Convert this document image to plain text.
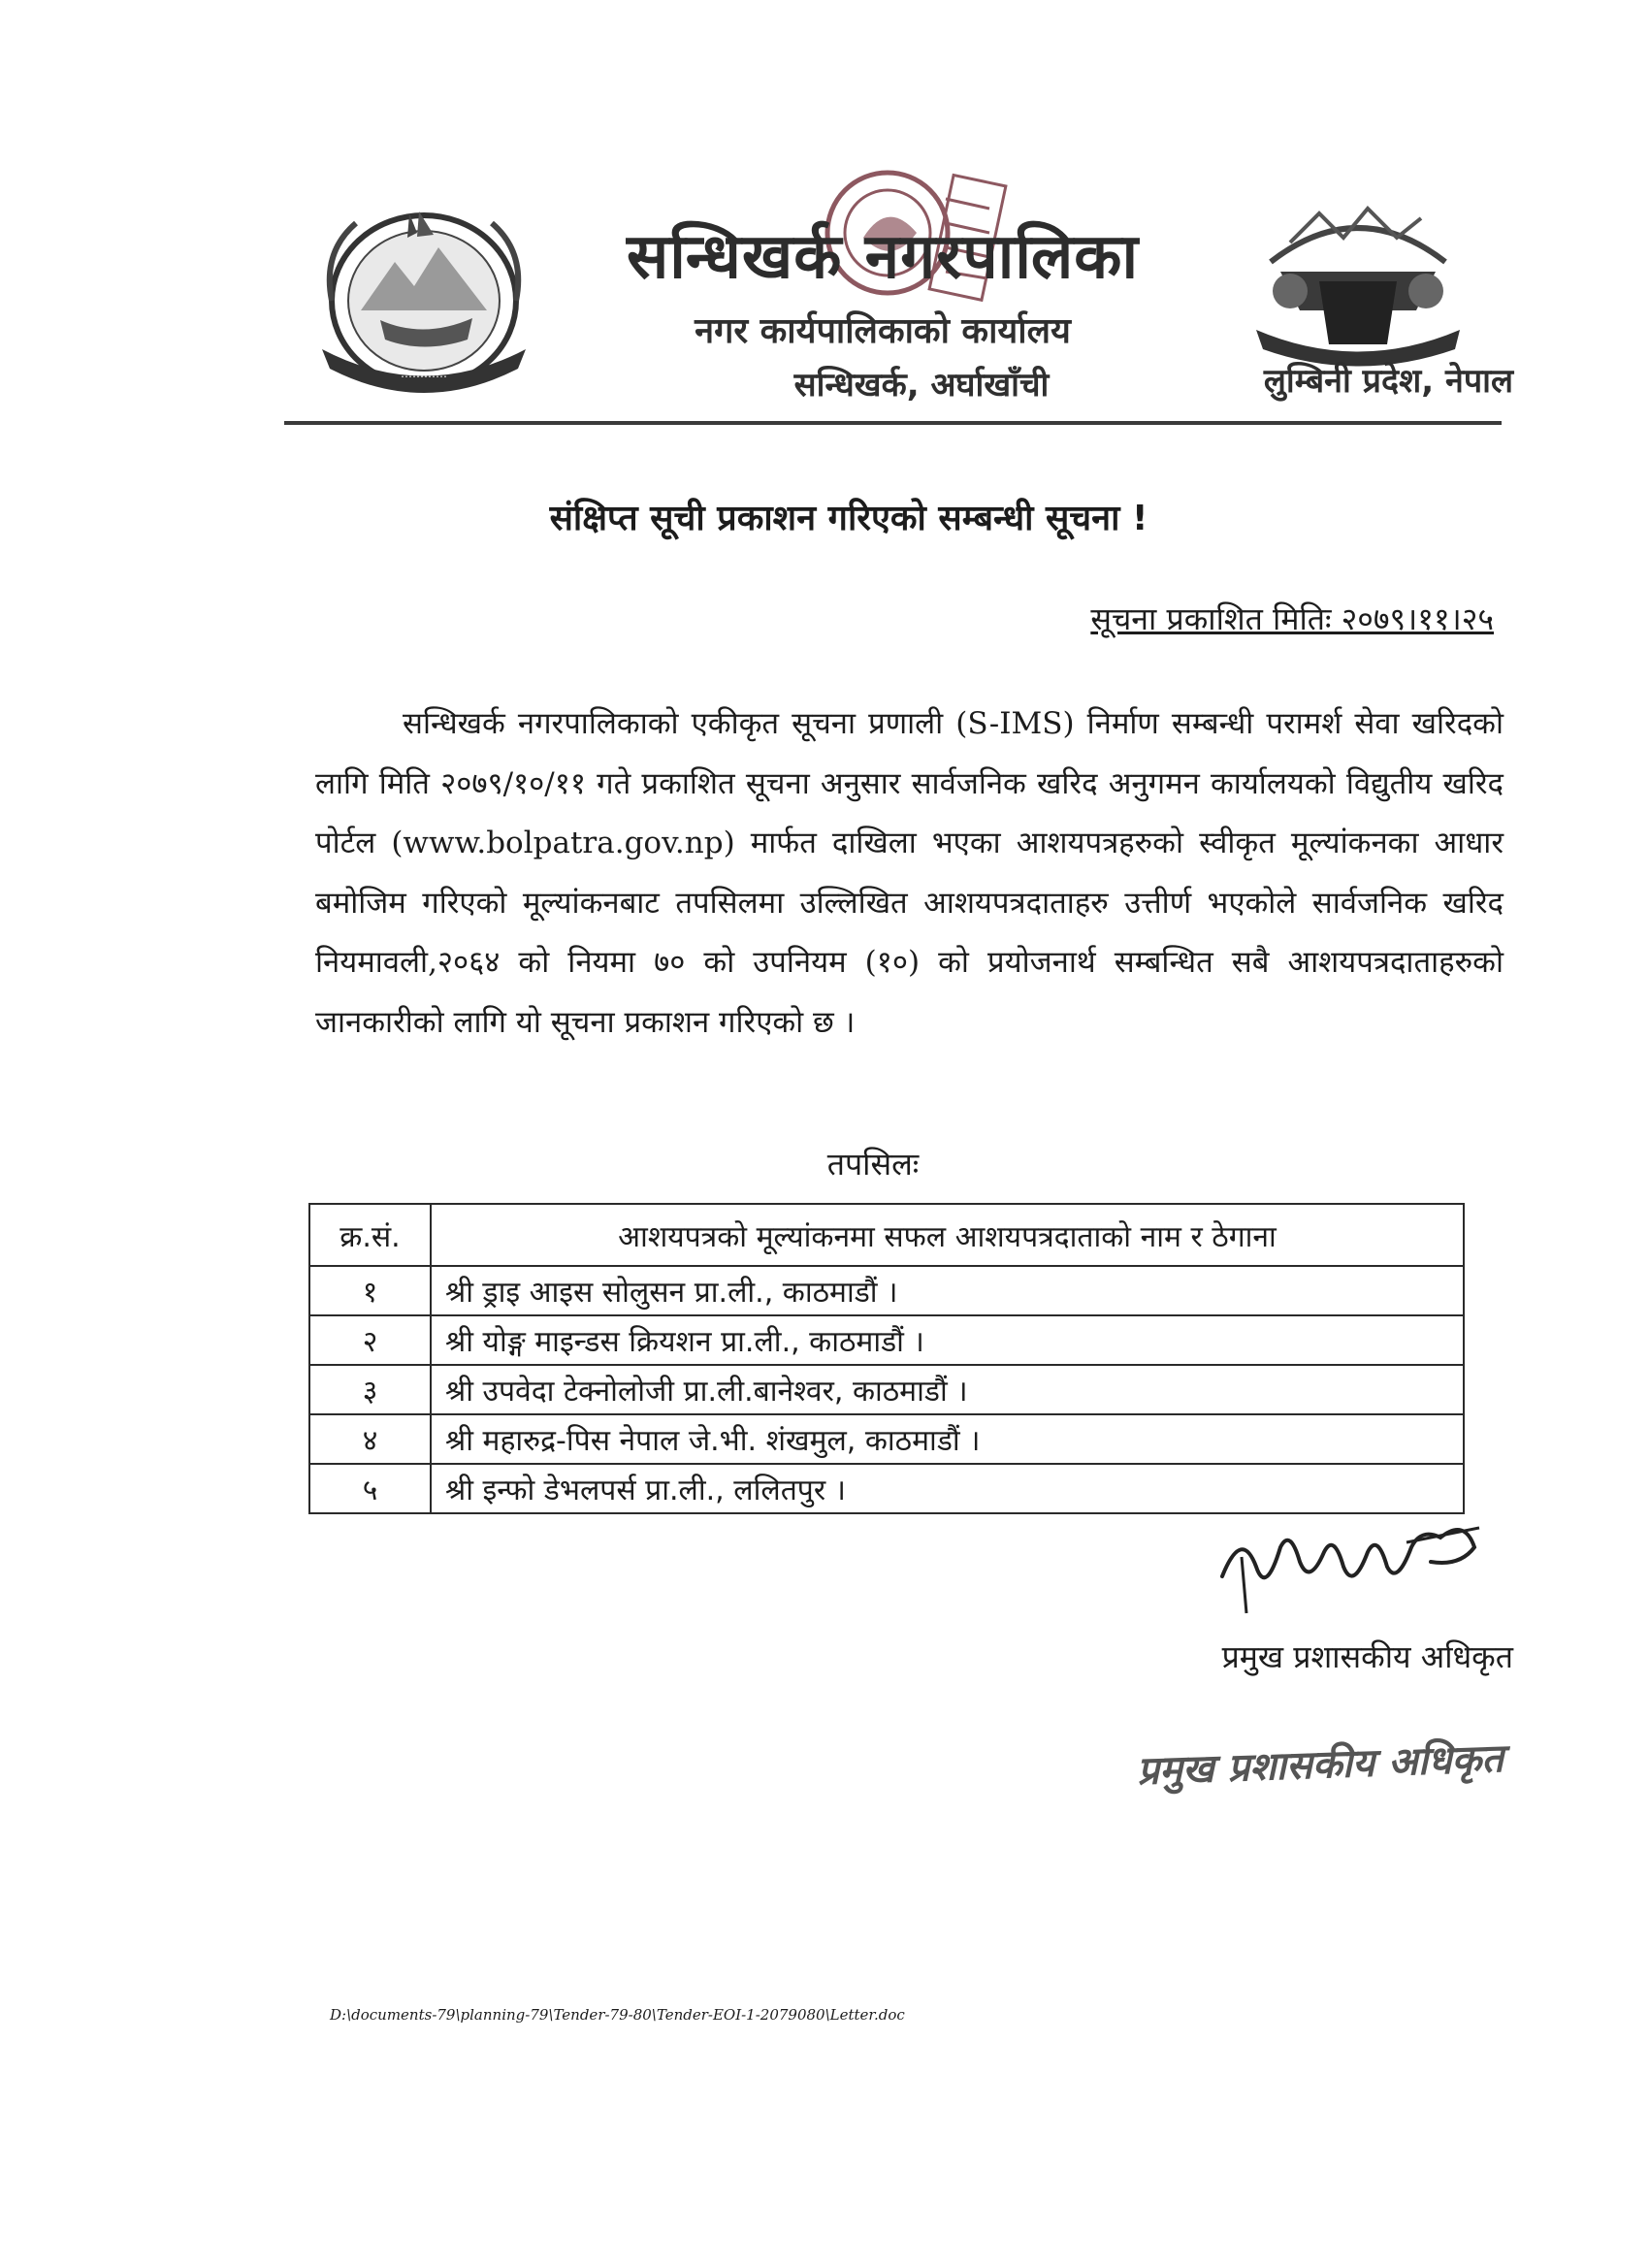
⋯⋯⋯⋯
सन्धिखर्क नगरपालिका
नगर कार्यपालिकाको कार्यालय
सन्धिखर्क, अर्घाखाँची	लुम्बिनी प्रदेश, नेपाल
संक्षिप्त सूची प्रकाशन गरिएको सम्बन्धी सूचना !
सूचना प्रकाशित मितिः २०७९।११।२५
सन्धिखर्क नगरपालिकाको एकीकृत सूचना प्रणाली (S-IMS) निर्माण सम्बन्धी परामर्श सेवा खरिदको लागि मिति २०७९/१०/११ गते प्रकाशित सूचना अनुसार सार्वजनिक खरिद अनुगमन कार्यालयको विद्युतीय खरिद पोर्टल (www.bolpatra.gov.np) मार्फत दाखिला भएका आशयपत्रहरुको स्वीकृत मूल्यांकनका आधार बमोजिम गरिएको मूल्यांकनबाट तपसिलमा उल्लिखित आशयपत्रदाताहरु उत्तीर्ण भएकोले सार्वजनिक खरिद नियमावली,२०६४ को नियमा ७० को उपनियम (१०) को प्रयोजनार्थ सम्बन्धित सबै आशयपत्रदाताहरुको जानकारीको लागि यो सूचना प्रकाशन गरिएको छ ।
तपसिलः
क्र.सं.	आशयपत्रको मूल्यांकनमा सफल आशयपत्रदाताको नाम र ठेगाना
१	श्री ड्राइ आइस सोलुसन प्रा.ली., काठमाडौं ।
२	श्री योङ्ग माइन्डस क्रियशन प्रा.ली., काठमाडौं ।
३	श्री उपवेदा टेक्नोलोजी प्रा.ली.बानेश्वर, काठमाडौं ।
४	श्री महारुद्र-पिस नेपाल जे.भी. शंखमुल, काठमाडौं ।
५	श्री इन्फो डेभलपर्स प्रा.ली., ललितपुर ।
प्रमुख प्रशासकीय अधिकृत
प्रमुख प्रशासकीय अधिकृत
D:\documents-79\planning-79\Tender-79-80\Tender-EOI-1-2079080\Letter.doc
